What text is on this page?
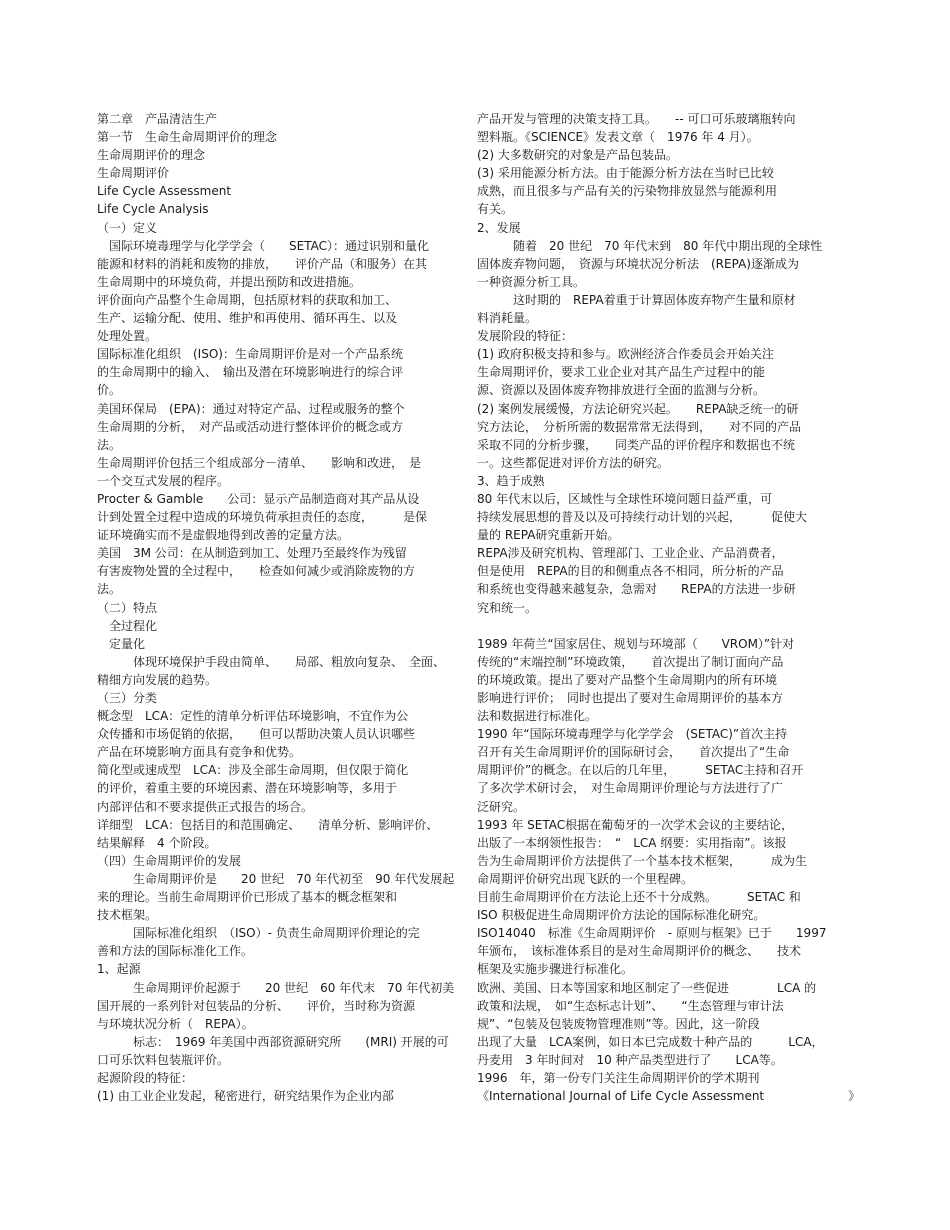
第二章　产品清洁生产
第一节　生命生命周期评价的理念
生命周期评价的理念
生命周期评价
Life Cycle Assessment
Life Cycle Analysis
（一）定义
　国际环境毒理学与化学学会（　　SETAC）：通过识别和量化
能源和材料的消耗和废物的排放，　　评价产品（和服务）在其
生命周期中的环境负荷，并提出预防和改进措施。
评价面向产品整个生命周期，包括原材料的获取和加工、
生产、运输分配、使用、维护和再使用、循环再生、以及
处理处置。
国际标准化组织　(ISO)：生命周期评价是对一个产品系统
的生命周期中的输入、　输出及潜在环境影响进行的综合评
价。
美国环保局　(EPA)：通过对特定产品、过程或服务的整个
生命周期的分析，　对产品或活动进行整体评价的概念或方
法。
生命周期评价包括三个组成部分－清单、　　影响和改进，　是
一个交互式发展的程序。
Procter & Gamble　　公司：显示产品制造商对其产品从设
计到处置全过程中造成的环境负荷承担责任的态度，　　　是保
证环境确实而不是虚假地得到改善的定量方法。
美国　3M 公司：在从制造到加工、处理乃至最终作为残留
有害废物处置的全过程中，　　检查如何减少或消除废物的方
法。
（二）特点
　全过程化
　定量化
　　　体现环境保护手段由简单、　　局部、粗放向复杂、　全面、
精细方向发展的趋势。
（三）分类
概念型　LCA：定性的清单分析评估环境影响，不宜作为公
众传播和市场促销的依据，　　但可以帮助决策人员认识哪些
产品在环境影响方面具有竞争和优势。
简化型或速成型　LCA：涉及全部生命周期，但仅限于简化
的评价，着重主要的环境因素、潜在环境影响等，多用于
内部评估和不要求提供正式报告的场合。
详细型　LCA：包括目的和范围确定、　　清单分析、影响评价、
结果解释　4 个阶段。
（四）生命周期评价的发展
　　　生命周期评价是　　20 世纪　70 年代初至　90 年代发展起
来的理论。当前生命周期评价已形成了基本的概念框架和
技术框架。
　　　国际标准化组织　（ISO）- 负责生命周期评价理论的完
善和方法的国际标准化工作。
1、起源
　　　生命周期评价起源于　　20 世纪　60 年代末　70 年代初美
国开展的一系列针对包装品的分析、　　评价，当时称为资源
与环境状况分析（　REPA）。
　　　标志：　1969 年美国中西部资源研究所　　(MRI) 开展的可
口可乐饮料包装瓶评价。
起源阶段的特征：
(1) 由工业企业发起，秘密进行，研究结果作为企业内部
产品开发与管理的决策支持工具。　　-- 可口可乐玻璃瓶转向
塑料瓶。《SCIENCE》发表文章（　1976 年 4 月）。
(2) 大多数研究的对象是产品包装品。
(3) 采用能源分析方法。由于能源分析方法在当时已比较
成熟，而且很多与产品有关的污染物排放显然与能源利用
有关。
2、发展
　　　随着　20 世纪　70 年代末到　80 年代中期出现的全球性
固体废弃物问题，　资源与环境状况分析法　(REPA)逐渐成为
一种资源分析工具。
　　　这时期的　REPA着重于计算固体废弃物产生量和原材
料消耗量。
发展阶段的特征：
(1) 政府积极支持和参与。欧洲经济合作委员会开始关注
生命周期评价，要求工业企业对其产品生产过程中的能
源、资源以及固体废弃物排放进行全面的监测与分析。
(2) 案例发展缓慢，方法论研究兴起。　　REPA缺乏统一的研
究方法论，　分析所需的数据常常无法得到，　　对不同的产品
采取不同的分析步骤，　　同类产品的评价程序和数据也不统
一。这些都促进对评价方法的研究。
3、趋于成熟
80 年代末以后，区域性与全球性环境问题日益严重，可
持续发展思想的普及以及可持续行动计划的兴起，　　　促使大
量的 REPA研究重新开始。
REPA涉及研究机构、管理部门、工业企业、产品消费者，
但是使用　REPA的目的和侧重点各不相同，所分析的产品
和系统也变得越来越复杂，急需对　　REPA的方法进一步研
究和统一。
1989 年荷兰“国家居住、规划与环境部（　　VROM）”针对
传统的“末端控制”环境政策，　　首次提出了制订面向产品
的环境政策。提出了要对产品整个生命周期内的所有环境
影响进行评价；　同时也提出了要对生命周期评价的基本方
法和数据进行标准化。
1990 年“国际环境毒理学与化学学会　(SETAC)”首次主持
召开有关生命周期评价的国际研讨会，　　首次提出了“生命
周期评价”的概念。在以后的几年里，　　　SETAC主持和召开
了多次学术研讨会，　对生命周期评价理论与方法进行了广
泛研究。
1993 年 SETAC根据在葡萄牙的一次学术会议的主要结论，
出版了一本纲领性报告：　“　LCA 纲要：实用指南”。该报
告为生命周期评价方法提供了一个基本技术框架，　　　成为生
命周期评价研究出现飞跃的一个里程碑。
目前生命周期评价在方法论上还不十分成熟。　　　SETAC 和
ISO 积极促进生命周期评价方法论的国际标准化研究。
ISO14040　标准《生命周期评价　- 原则与框架》已于　　1997
年颁布，　该标准体系目的是对生命周期评价的概念、　　技术
框架及实施步骤进行标准化。
欧洲、美国、日本等国家和地区制定了一些促进　　　　LCA 的
政策和法规，　如“生态标志计划”、　　“生态管理与审计法
规”、“包装及包装废物管理准则”等。因此，这一阶段
出现了大量　LCA案例，如日本已完成数十种产品的　　　LCA，
丹麦用　3 年时间对　10 种产品类型进行了　　LCA等。
1996　年，第一份专门关注生命周期评价的学术期刊
《International Journal of Life Cycle Assessment　　　　　　　》
